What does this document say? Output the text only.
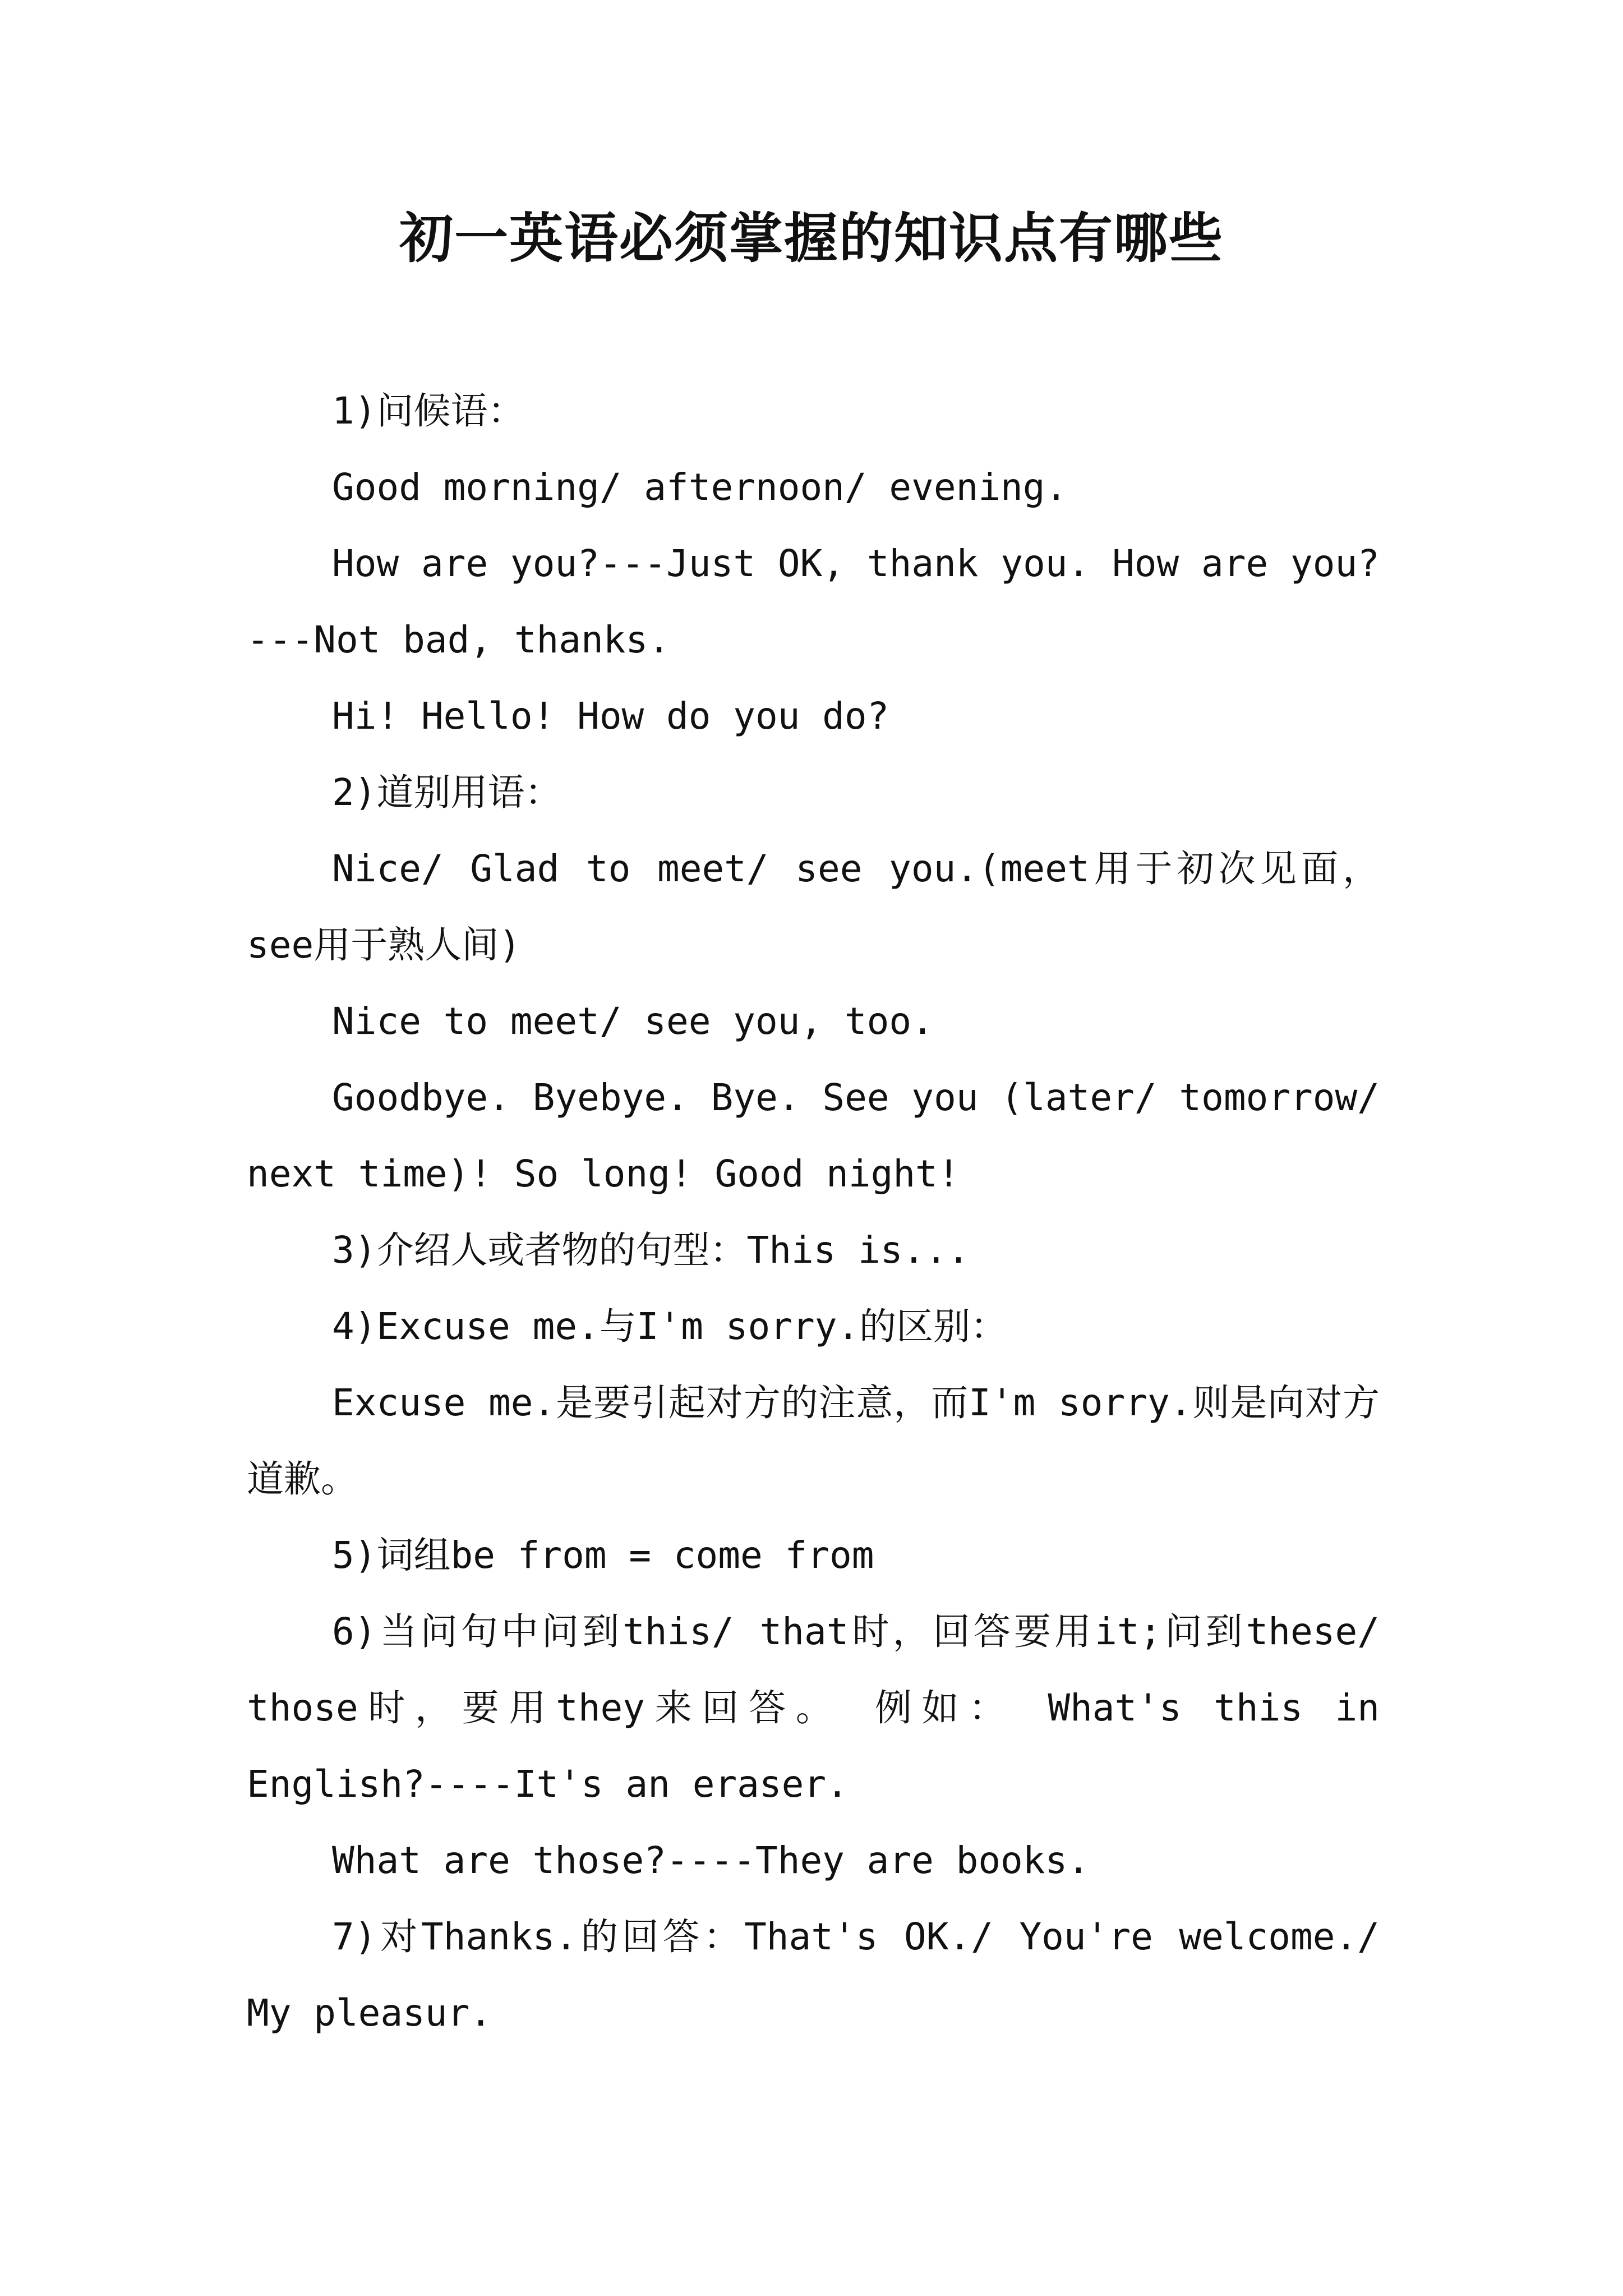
初一英语必须掌握的知识点有哪些

1)问候语：

Good morning/ afternoon/ evening.

How are you?---Just OK, thank you. How are you?---Not bad, thanks.

Hi! Hello! How do you do?

2)道别用语：

Nice/ Glad to meet/ see you.(meet用于初次见面，see用于熟人间)

Nice to meet/ see you, too.

Goodbye. Byebye. Bye. See you (later/ tomorrow/ next time)! So long! Good night!

3)介绍人或者物的句型：This is...

4)Excuse me.与I'm sorry.的区别：

Excuse me.是要引起对方的注意，而I'm sorry.则是向对方道歉。

5)词组be from = come from

6)当问句中问到this/ that时，回答要用it;问到these/ those时，要用they来回答。 例如： What's this in English?----It's an eraser.

What are those?----They are books.

7)对Thanks.的回答：That's OK./ You're welcome./ My pleasur.
